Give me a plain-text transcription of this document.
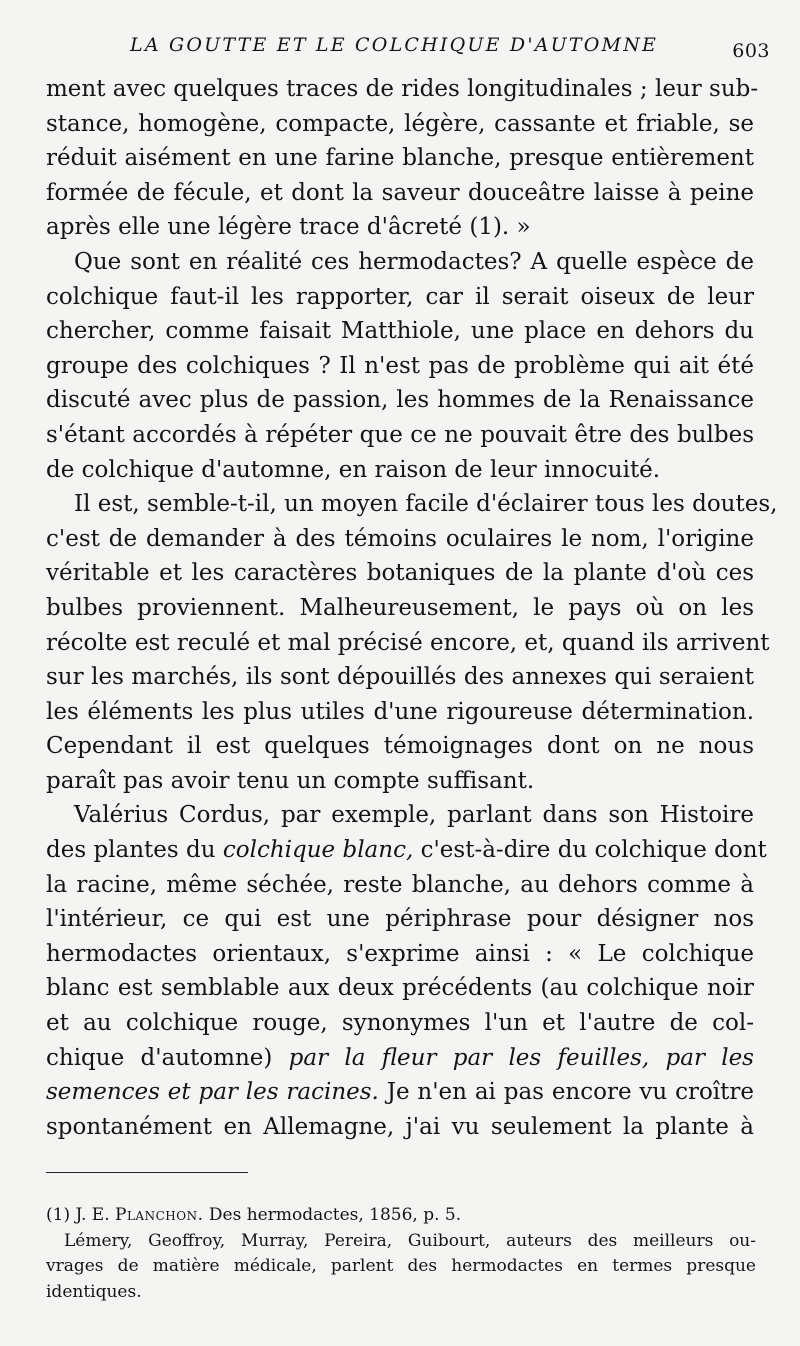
LA GOUTTE ET LE COLCHIQUE D'AUTOMNE	603
ment avec quelques traces de rides longitudinales ; leur sub-
stance, homogène, compacte, légère, cassante et friable, se
réduit aisément en une farine blanche, presque entièrement
formée de fécule, et dont la saveur douceâtre laisse à peine
après elle une légère trace d'âcreté (1). »
Que sont en réalité ces hermodactes? A quelle espèce de
colchique faut-il les rapporter, car il serait oiseux de leur
chercher, comme faisait Matthiole, une place en dehors du
groupe des colchiques ? Il n'est pas de problème qui ait été
discuté avec plus de passion, les hommes de la Renaissance
s'étant accordés à répéter que ce ne pouvait être des bulbes
de colchique d'automne, en raison de leur innocuité.
Il est, semble-t-il, un moyen facile d'éclairer tous les doutes,
c'est de demander à des témoins oculaires le nom, l'origine
véritable et les caractères botaniques de la plante d'où ces
bulbes proviennent. Malheureusement, le pays où on les
récolte est reculé et mal précisé encore, et, quand ils arrivent
sur les marchés, ils sont dépouillés des annexes qui seraient
les éléments les plus utiles d'une rigoureuse détermination.
Cependant il est quelques témoignages dont on ne nous
paraît pas avoir tenu un compte suffisant.
Valérius Cordus, par exemple, parlant dans son Histoire
des plantes du colchique blanc, c'est-à-dire du colchique dont
la racine, même séchée, reste blanche, au dehors comme à
l'intérieur, ce qui est une périphrase pour désigner nos
hermodactes orientaux, s'exprime ainsi : « Le colchique
blanc est semblable aux deux précédents (au colchique noir
et au colchique rouge, synonymes l'un et l'autre de col-
chique d'automne) par la fleur par les feuilles, par les
semences et par les racines. Je n'en ai pas encore vu croître
spontanément en Allemagne, j'ai vu seulement la plante à
(1) J. E. Planchon. Des hermodactes, 1856, p. 5.
Lémery, Geoffroy, Murray, Pereira, Guibourt, auteurs des meilleurs ou-
vrages de matière médicale, parlent des hermodactes en termes presque
identiques.
